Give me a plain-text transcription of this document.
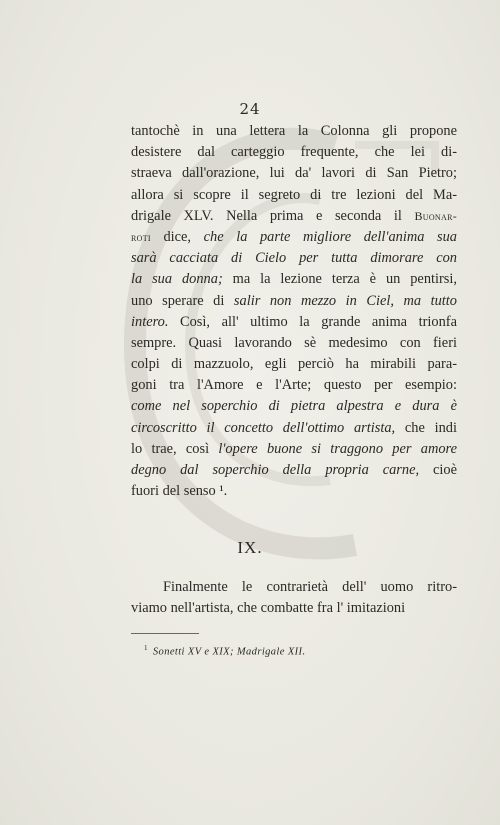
24
tantochè in una lettera la Colonna gli propone
desistere dal carteggio frequente, che lei di-
straeva dall'orazione, lui da' lavori di San Pietro;
allora si scopre il segreto di tre lezioni del Ma-
drigale XLV. Nella prima e seconda il Buonar-
roti dice, che la parte migliore dell'anima sua
sarà cacciata di Cielo per tutta dimorare con
la sua donna; ma la lezione terza è un pentirsi,
uno sperare di salir non mezzo in Ciel, ma tutto
intero. Così, all' ultimo la grande anima trionfa
sempre. Quasi lavorando sè medesimo con fieri
colpi di mazzuolo, egli perciò ha mirabili para-
goni tra l'Amore e l'Arte; questo per esempio:
come nel soperchio di pietra alpestra e dura è
circoscritto il concetto dell'ottimo artista, che indi
lo trae, così l'opere buone si traggono per amore
degno dal soperchio della propria carne, cioè
fuori del senso ¹.
IX.
Finalmente le contrarietà dell' uomo ritro-
viamo nell'artista, che combatte fra l' imitazioni
$^1$ Sonetti XV e XIX; Madrigale XII.
